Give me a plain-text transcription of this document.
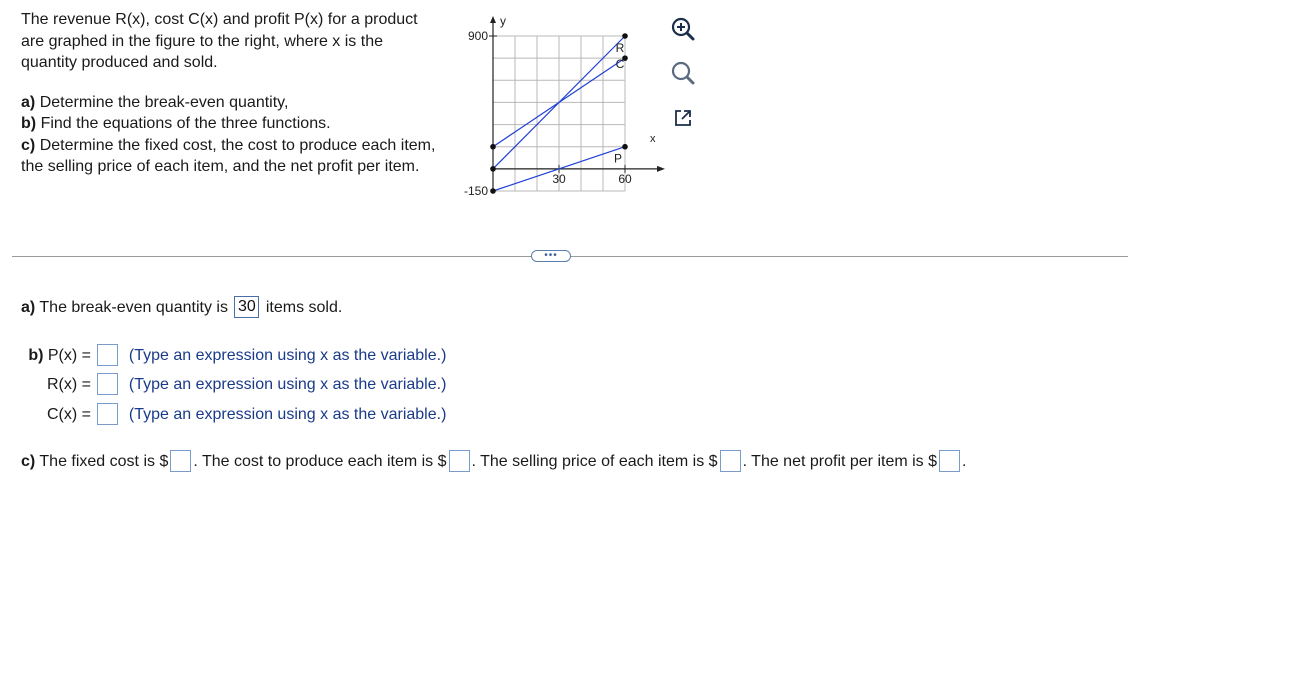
The revenue R(x), cost C(x) and profit P(x) for a product are graphed in the figure to the right, where x is the quantity produced and sold.

a) Determine the break-even quantity,

b) Find the equations of the three functions.

c) Determine the fixed cost, the cost to produce each item, the selling price of each item, and the net profit per item.

y
x
900
-150
30	60
R
C
P
•••
a) The break-even quantity is 30 items sold.
b) P(x) = (Type an expression using x as the variable.)
R(x) = (Type an expression using x as the variable.)
C(x) = (Type an expression using x as the variable.)
c) The fixed cost is $ . The cost to produce each item is $ . The selling price of each item is $ . The net profit per item is $ .
